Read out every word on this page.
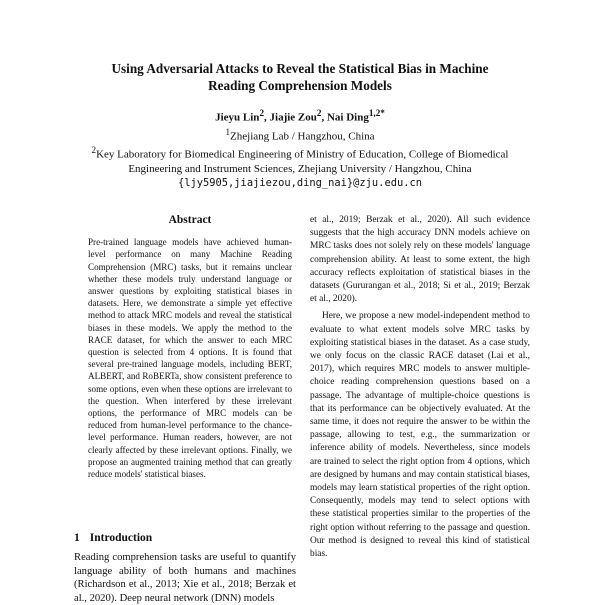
Using Adversarial Attacks to Reveal the Statistical Bias in Machine
Reading Comprehension Models
Jieyu Lin$^2$, Jiajie Zou$^2$, Nai Ding$^{1,2*}$
$^1$Zhejiang Lab / Hangzhou, China
$^2$Key Laboratory for Biomedical Engineering of Ministry of Education, College of Biomedical Engineering and Instrument Sciences, Zhejiang University / Hangzhou, China
{ljy5905,jiajiezou,ding_nai}@zju.edu.cn
Abstract

Pre-trained language models have achieved human-level performance on many Machine Reading Comprehension (MRC) tasks, but it remains unclear whether these models truly understand language or answer questions by exploiting statistical biases in datasets. Here, we demonstrate a simple yet effective method to attack MRC models and reveal the statistical biases in these models. We apply the method to the RACE dataset, for which the answer to each MRC question is selected from 4 options. It is found that several pre-trained language models, including BERT, ALBERT, and RoBERTa, show consistent preference to some options, even when these options are irrelevant to the question. When interfered by these irrelevant options, the performance of MRC models can be reduced from human-level performance to the chance-level performance. Human readers, however, are not clearly affected by these irrelevant options. Finally, we propose an augmented training method that can greatly reduce models' statistical biases.

1 Introduction

Reading comprehension tasks are useful to quantify language ability of both humans and machines (Richardson et al., 2013; Xie et al., 2018; Berzak et al., 2020). Deep neural network (DNN) models

et al., 2019; Berzak et al., 2020). All such evidence suggests that the high accuracy DNN models achieve on MRC tasks does not solely rely on these models' language comprehension ability. At least to some extent, the high accuracy reflects exploitation of statistical biases in the datasets (Gururangan et al., 2018; Si et al., 2019; Berzak et al., 2020).

Here, we propose a new model-independent method to evaluate to what extent models solve MRC tasks by exploiting statistical biases in the dataset. As a case study, we only focus on the classic RACE dataset (Lai et al., 2017), which requires MRC models to answer multiple-choice reading comprehension questions based on a passage. The advantage of multiple-choice questions is that its performance can be objectively evaluated. At the same time, it does not require the answer to be within the passage, allowing to test, e.g., the summarization or inference ability of models. Nevertheless, since models are trained to select the right option from 4 options, which are designed by humans and may contain statistical biases, models may learn statistical properties of the right option. Consequently, models may tend to select options with these statistical properties similar to the properties of the right option without referring to the passage and question. Our method is designed to reveal this kind of statistical bias.
